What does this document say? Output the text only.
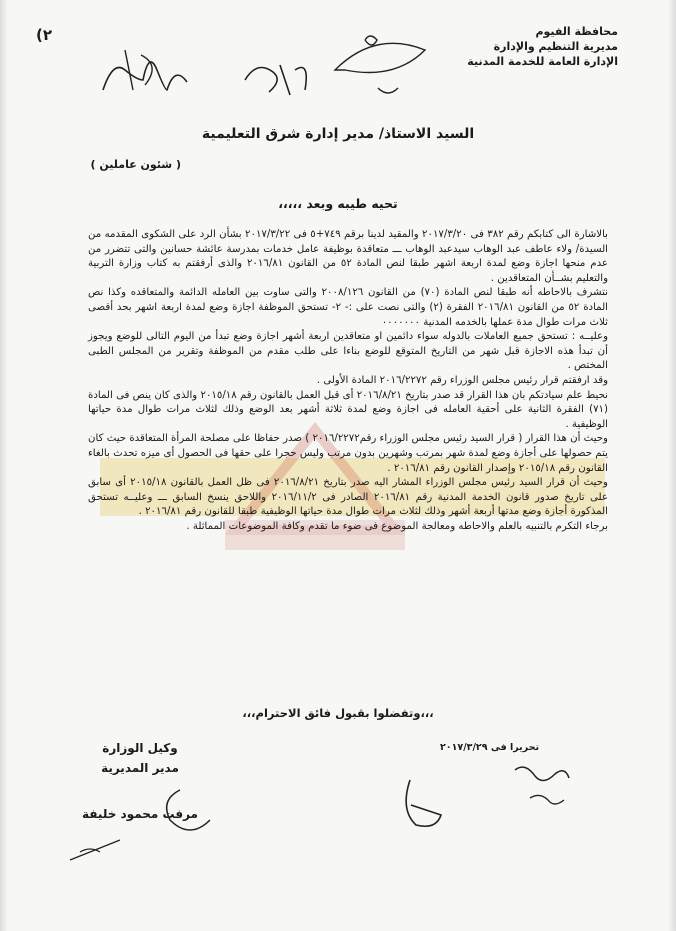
(٢	محافظة الفيوم
مديرية التنظيم والإدارة
الإدارة العامة للخدمة المدنية
السيد الاستاذ/ مدير إدارة شرق التعليمية
( شئون عاملين )
تحيه طيبه وبعد ،،،،،

بالاشارة الى كتابكم رقم ٣٨٢ فى ٢٠١٧/٣/٢٠ والمقيد لدينا برقم ٧٤٩+٥ فى ٢٠١٧/٣/٢٢ بشأن الرد على الشكوى المقدمه من السيدة/ ولاء عاطف عبد الوهاب سيدعبد الوهاب ـــ متعاقدة بوظيفة عامل خدمات بمدرسة عائشة حسانين والتى تتضرر من عدم منحها اجازة وضع لمدة اربعة اشهر طبقا لنص المادة ٥٢ من القانون ٢٠١٦/٨١ والذى أرفقتم به كتاب وزارة التربية والتعليم بشــأن المتعاقدين .

نتشرف بالاحاطه أنه طبقا لنص المادة (٧٠) من القانون ٢٠٠٨/١٢٦ والتى ساوت بين العامله الدائمة والمتعاقده وكذا نص المادة ٥٢ من القانون ٢٠١٦/٨١ الفقرة (٢) والتى نصت على :- ٢- تستحق الموظفة اجازة وضع لمدة اربعة اشهر بحد أقصى ثلاث مرات طوال مدة عملها بالخدمه المدنية ٠٠٠٠٠٠٠

وعليــه : تستحق جميع العاملات بالدوله سواء دائمين او متعاقدين اربعة أشهر اجازة وضع تبدأ من اليوم التالى للوضع ويجوز أن تبدأ هذه الاجازة قبل شهر من التاريخ المتوقع للوضع بناءا على طلب مقدم من الموظفة وتقرير من المجلس الطبى المختص .

وقد ارفقتم قرار رئيس مجلس الوزراء رقم ٢٠١٦/٢٢٧٢ المادة الأولى .

نحيط علم سيادتكم بان هذا القرار قد صدر بتاريخ ٢٠١٦/٨/٢١ أى قبل العمل بالقانون رقم ٢٠١٥/١٨ والذى كان ينص فى المادة (٧١) الفقرة الثانية على أحقية العامله فى اجازة وضع لمدة ثلاثة أشهر بعد الوضع وذلك لثلاث مرات طوال مدة حياتها الوظيفية .

وحيث أن هذا القرار ( قرار السيد رئيس مجلس الوزراء رقم٢٠١٦/٢٢٧٢ ) صدر حفاظا على مصلحة المرأة المتعاقدة حيث كان يتم حصولها على أجازة وضع لمدة شهر بمرتب وشهرين بدون مرتب وليس حجرا على حقها فى الحصول أى ميزه تحدث بالغاء القانون رقم ٢٠١٥/١٨ وإصدار القانون رقم ٢٠١٦/٨١ .

وحيث أن قرار السيد رئيس مجلس الوزراء المشار اليه صدر بتاريخ ٢٠١٦/٨/٢١ فى ظل العمل بالقانون ٢٠١٥/١٨ أى سابق على تاريخ صدور قانون الخدمة المدنية رقم ٢٠١٦/٨١ الصادر فى ٢٠١٦/١١/٢ واللاحق ينسخ السابق ـــ وعليــه تستحق المذكورة أجازة وضع مدتها أربعة أشهر وذلك لثلاث مرات طوال مدة حياتها الوظيفية طبقا للقانون رقم ٢٠١٦/٨١ .

برجاء التكرم بالتنبيه بالعلم والاحاطه ومعالجة الموضوع فى ضوء ما تقدم وكافة الموضوعات المماثلة .

،،،وتفضلوا بقبول فائق الاحترام،،،
تحريرا فى ٢٠١٧/٣/٢٩
وكيل الوزارة
مدير المديرية
مرفت محمود خليفة
